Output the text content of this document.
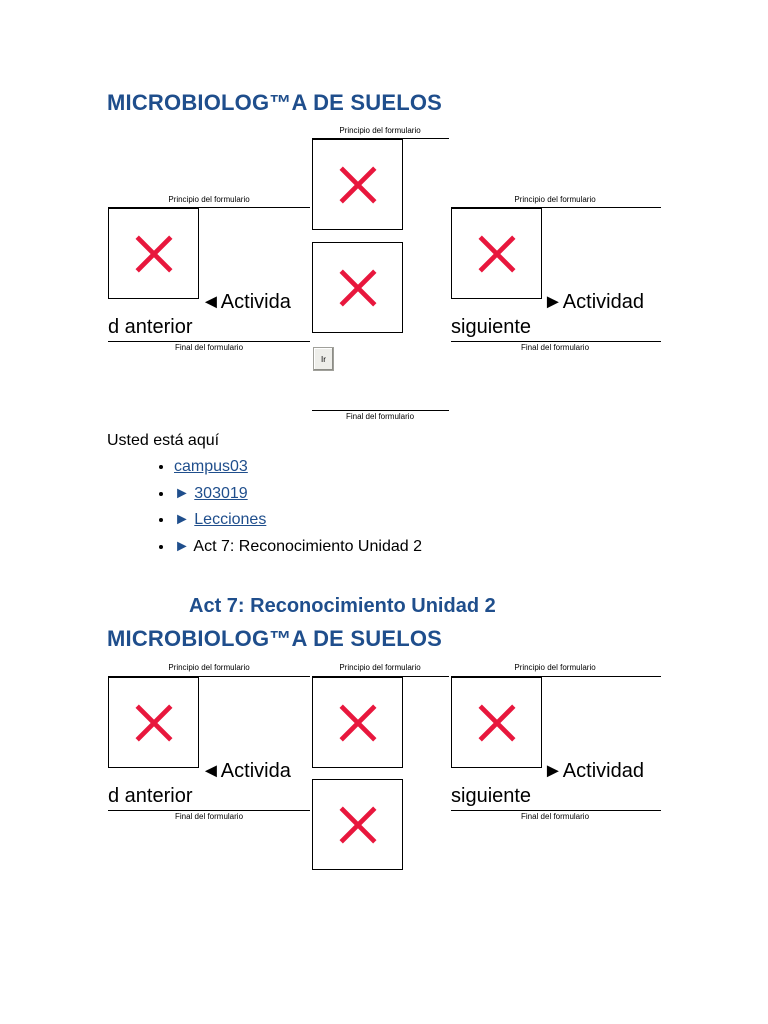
MICROBIOLOG™A DE SUELOS
Principio del formulario
Ir
Final del formulario
Principio del formulario
◄Activida
d anterior
Final del formulario
Principio del formulario
►Actividad
siguiente
Final del formulario
Usted está aquí
• campus03
• ► 303019
• ► Lecciones
• ► Act 7: Reconocimiento Unidad 2
Act 7: Reconocimiento Unidad 2
MICROBIOLOG™A DE SUELOS
Principio del formulario
◄Activida
d anterior
Final del formulario
Principio del formulario	Principio del formulario
►Actividad
siguiente
Final del formulario
